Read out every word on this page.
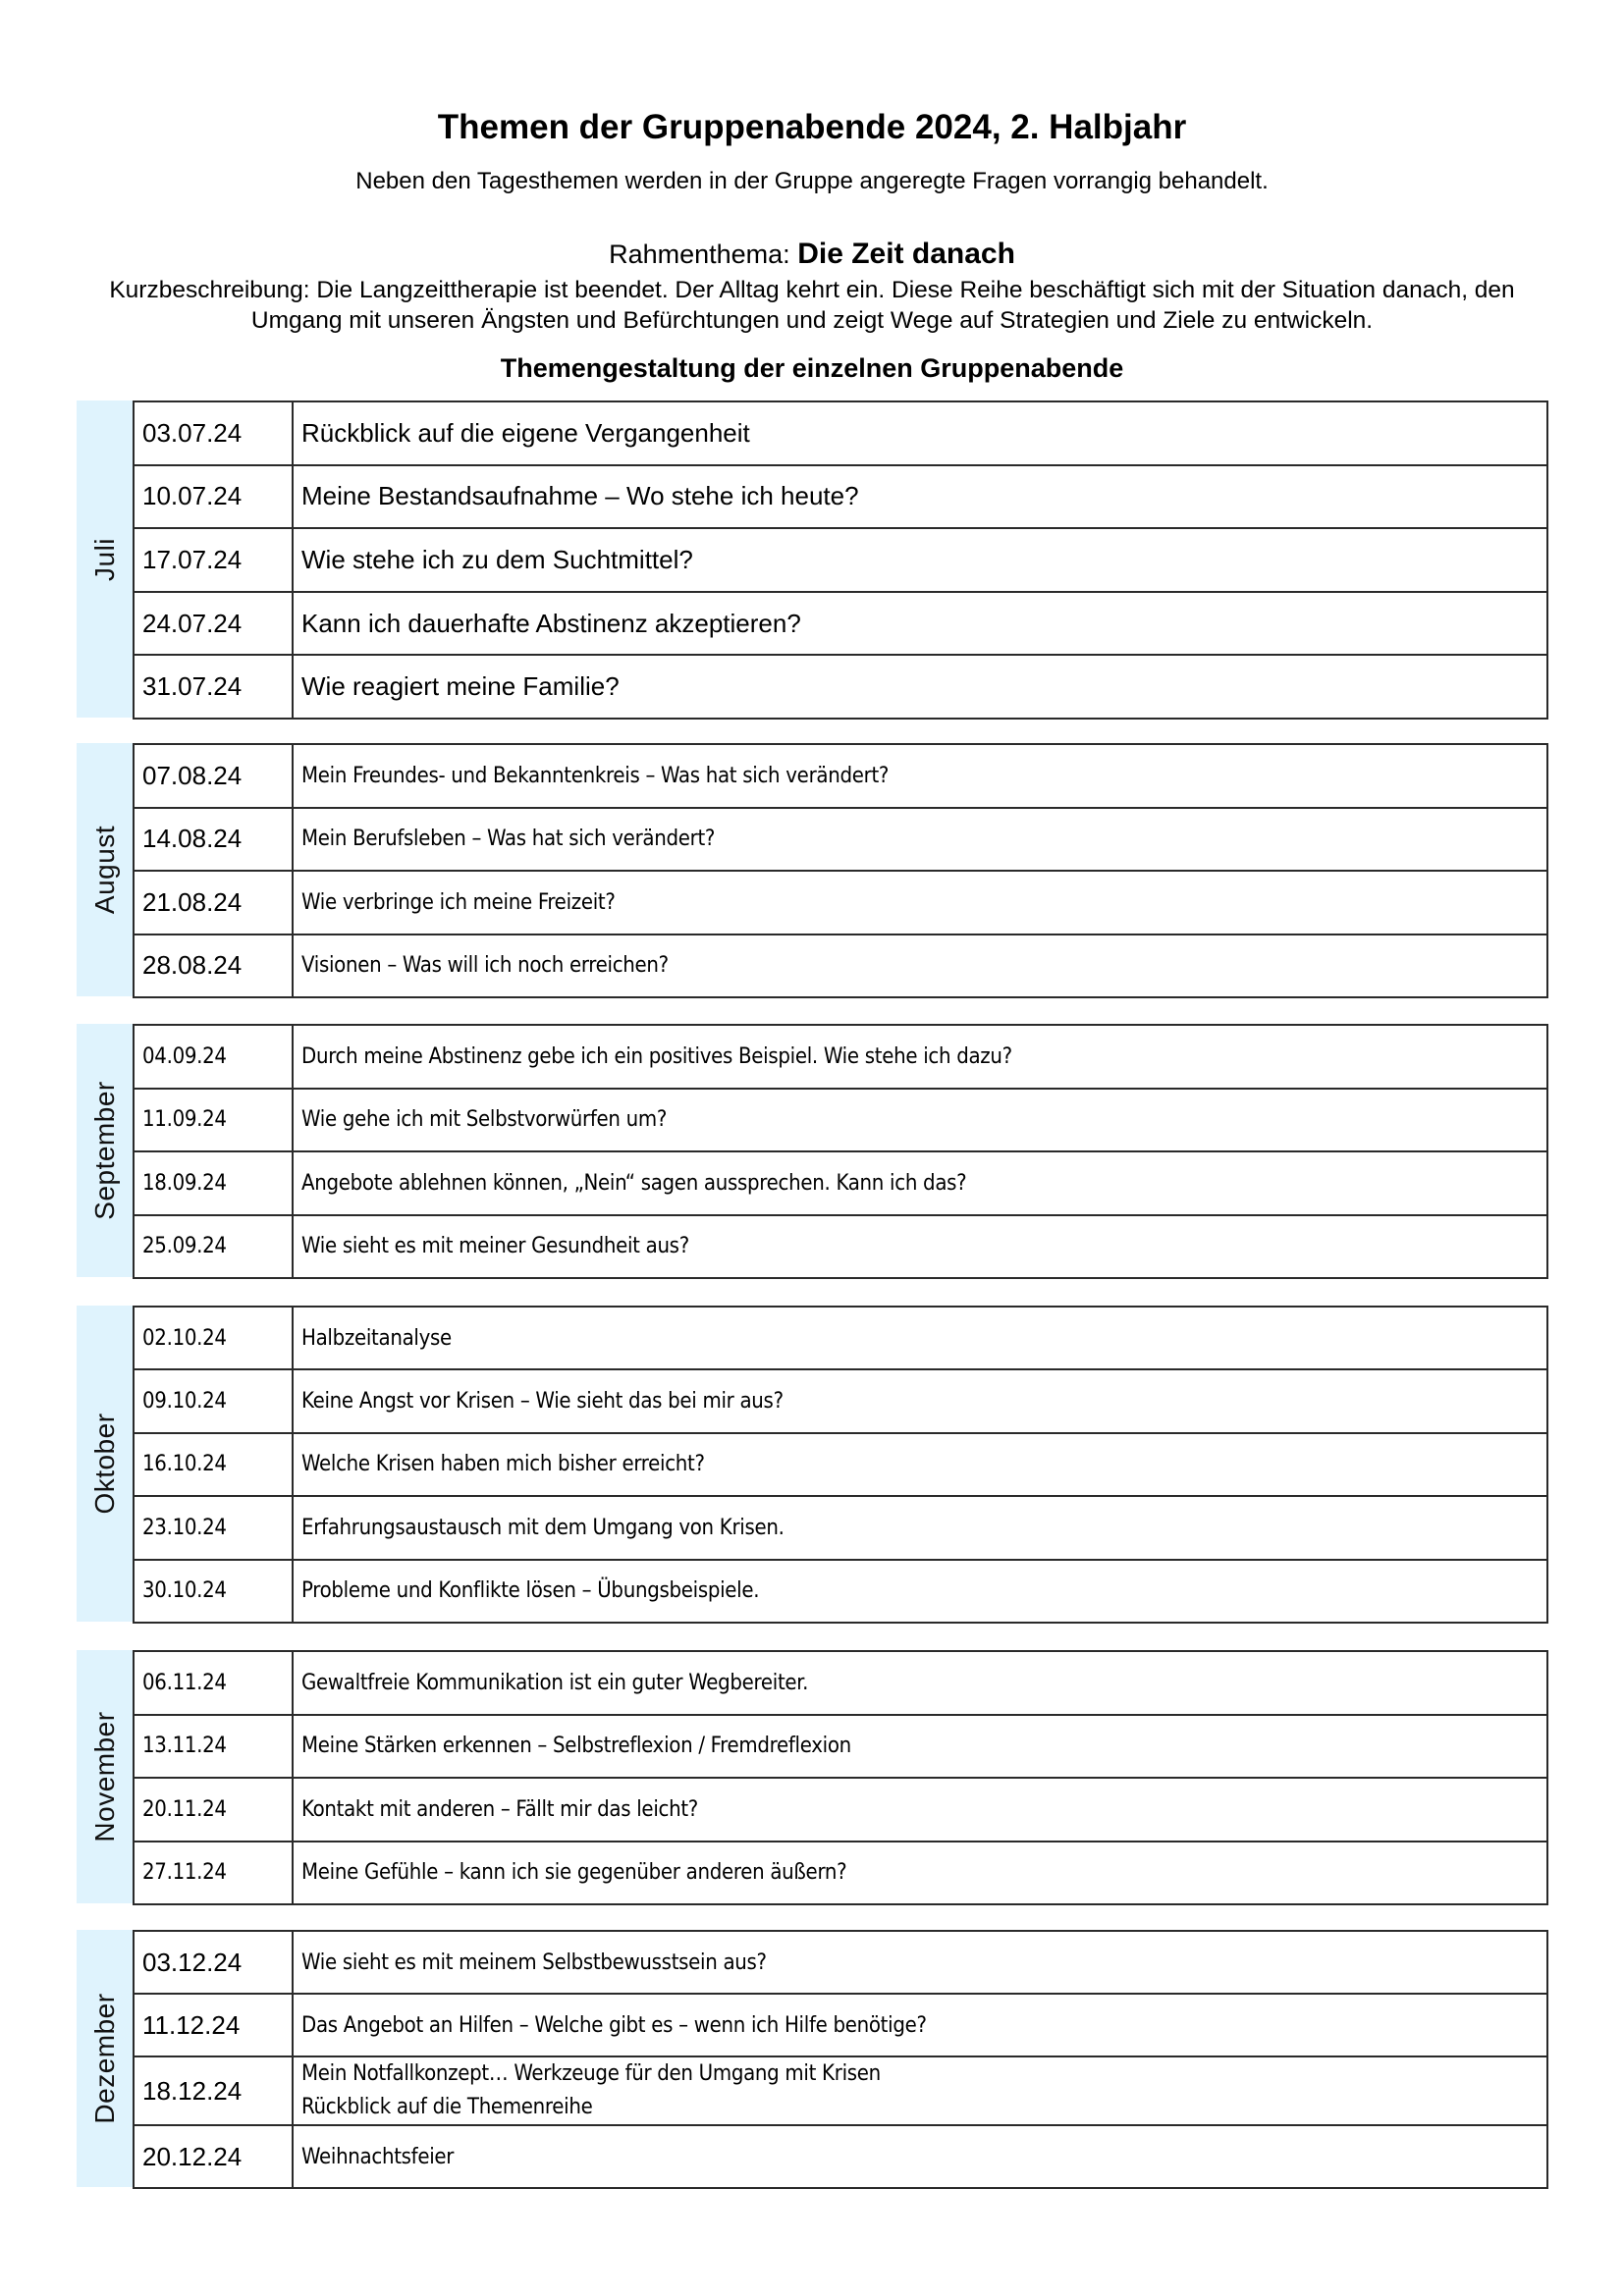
Themen der Gruppenabende 2024, 2. Halbjahr
Neben den Tagesthemen werden in der Gruppe angeregte Fragen vorrangig behandelt.
Rahmenthema: Die Zeit danach
Kurzbeschreibung: Die Langzeittherapie ist beendet. Der Alltag kehrt ein. Diese Reihe beschäftigt sich mit der Situation danach, den Umgang mit unseren Ängsten und Befürchtungen und zeigt Wege auf Strategien und Ziele zu entwickeln.
Themengestaltung der einzelnen Gruppenabende
Juli
03.07.24	Rückblick auf die eigene Vergangenheit
10.07.24	Meine Bestandsaufnahme – Wo stehe ich heute?
17.07.24	Wie stehe ich zu dem Suchtmittel?
24.07.24	Kann ich dauerhafte Abstinenz akzeptieren?
31.07.24	Wie reagiert meine Familie?
August
07.08.24	Mein Freundes- und Bekanntenkreis – Was hat sich verändert?
14.08.24	Mein Berufsleben – Was hat sich verändert?
21.08.24	Wie verbringe ich meine Freizeit?
28.08.24	Visionen – Was will ich noch erreichen?
September
04.09.24	Durch meine Abstinenz gebe ich ein positives Beispiel. Wie stehe ich dazu?
11.09.24	Wie gehe ich mit Selbstvorwürfen um?
18.09.24	Angebote ablehnen können, „Nein“ sagen aussprechen. Kann ich das?
25.09.24	Wie sieht es mit meiner Gesundheit aus?
Oktober
02.10.24	Halbzeitanalyse
09.10.24	Keine Angst vor Krisen – Wie sieht das bei mir aus?
16.10.24	Welche Krisen haben mich bisher erreicht?
23.10.24	Erfahrungsaustausch mit dem Umgang von Krisen.
30.10.24	Probleme und Konflikte lösen – Übungsbeispiele.
November
06.11.24	Gewaltfreie Kommunikation ist ein guter Wegbereiter.
13.11.24	Meine Stärken erkennen – Selbstreflexion / Fremdreflexion
20.11.24	Kontakt mit anderen – Fällt mir das leicht?
27.11.24	Meine Gefühle – kann ich sie gegenüber anderen äußern?
Dezember
03.12.24	Wie sieht es mit meinem Selbstbewusstsein aus?
11.12.24	Das Angebot an Hilfen – Welche gibt es – wenn ich Hilfe benötige?
18.12.24	Mein Notfallkonzept… Werkzeuge für den Umgang mit Krisen
Rückblick auf die Themenreihe

20.12.24	Weihnachtsfeier
